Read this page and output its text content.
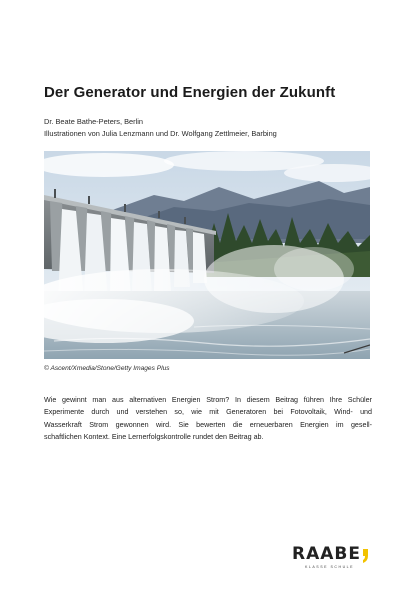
Der Generator und Energien der Zukunft
Dr. Beate Bathe-Peters, Berlin
Illustrationen von Julia Lenzmann und Dr. Wolfgang Zettlmeier, Barbing
© Ascent/Xmedia/Stone/Getty Images Plus

Wie gewinnt man aus alternativen Energien Strom? In diesem Beitrag führen Ihre Schüler
Experimente durch und verstehen so, wie mit Generatoren bei Fotovoltaik, Wind- und
Wasserkraft Strom gewonnen wird. Sie bewerten die erneuerbaren Energien im gesell-
schaftlichen Kontext. Eine Lernerfolgskontrolle rundet den Beitrag ab.

RAABE
KLASSE SCHULE
